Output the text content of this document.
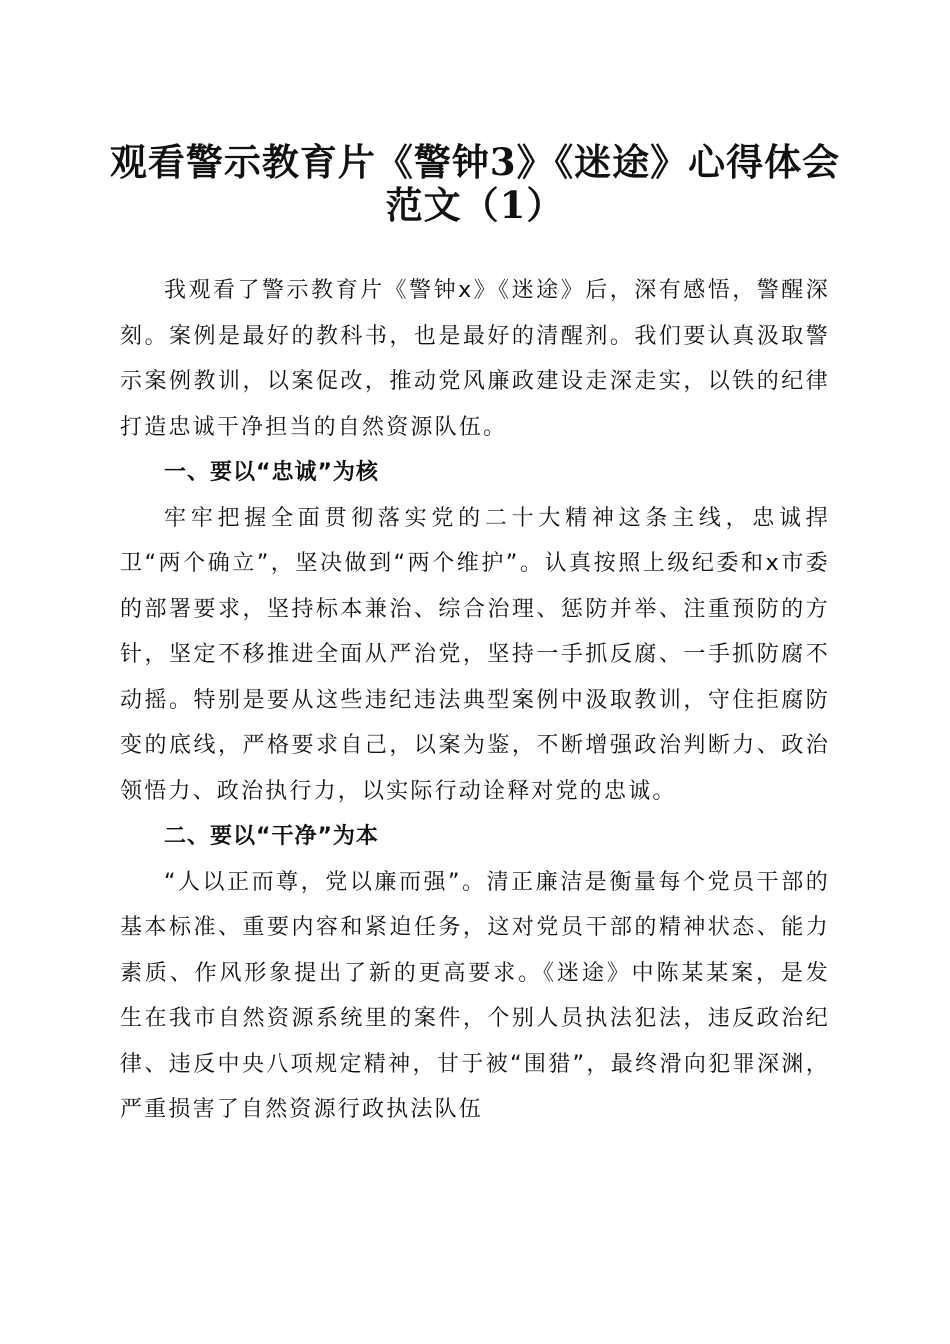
观看警示教育片《警钟3》《迷途》心得体会
范文（1）

我观看了警示教育片《警钟x》《迷途》后，深有感悟，警醒深刻。案例是最好的教科书，也是最好的清醒剂。我们要认真汲取警示案例教训，以案促改，推动党风廉政建设走深走实，以铁的纪律打造忠诚干净担当的自然资源队伍。

一、要以“忠诚”为核

牢牢把握全面贯彻落实党的二十大精神这条主线，忠诚捍卫“两个确立”，坚决做到“两个维护”。认真按照上级纪委和x市委的部署要求，坚持标本兼治、综合治理、惩防并举、注重预防的方针，坚定不移推进全面从严治党，坚持一手抓反腐、一手抓防腐不动摇。特别是要从这些违纪违法典型案例中汲取教训，守住拒腐防变的底线，严格要求自己，以案为鉴，不断增强政治判断力、政治领悟力、政治执行力，以实际行动诠释对党的忠诚。

二、要以“干净”为本

“人以正而尊，党以廉而强”。清正廉洁是衡量每个党员干部的基本标准、重要内容和紧迫任务，这对党员干部的精神状态、能力素质、作风形象提出了新的更高要求。《迷途》中陈某某案，是发生在我市自然资源系统里的案件，个别人员执法犯法，违反政治纪律、违反中央八项规定精神，甘于被“围猎”，最终滑向犯罪深渊，严重损害了自然资源行政执法队伍
